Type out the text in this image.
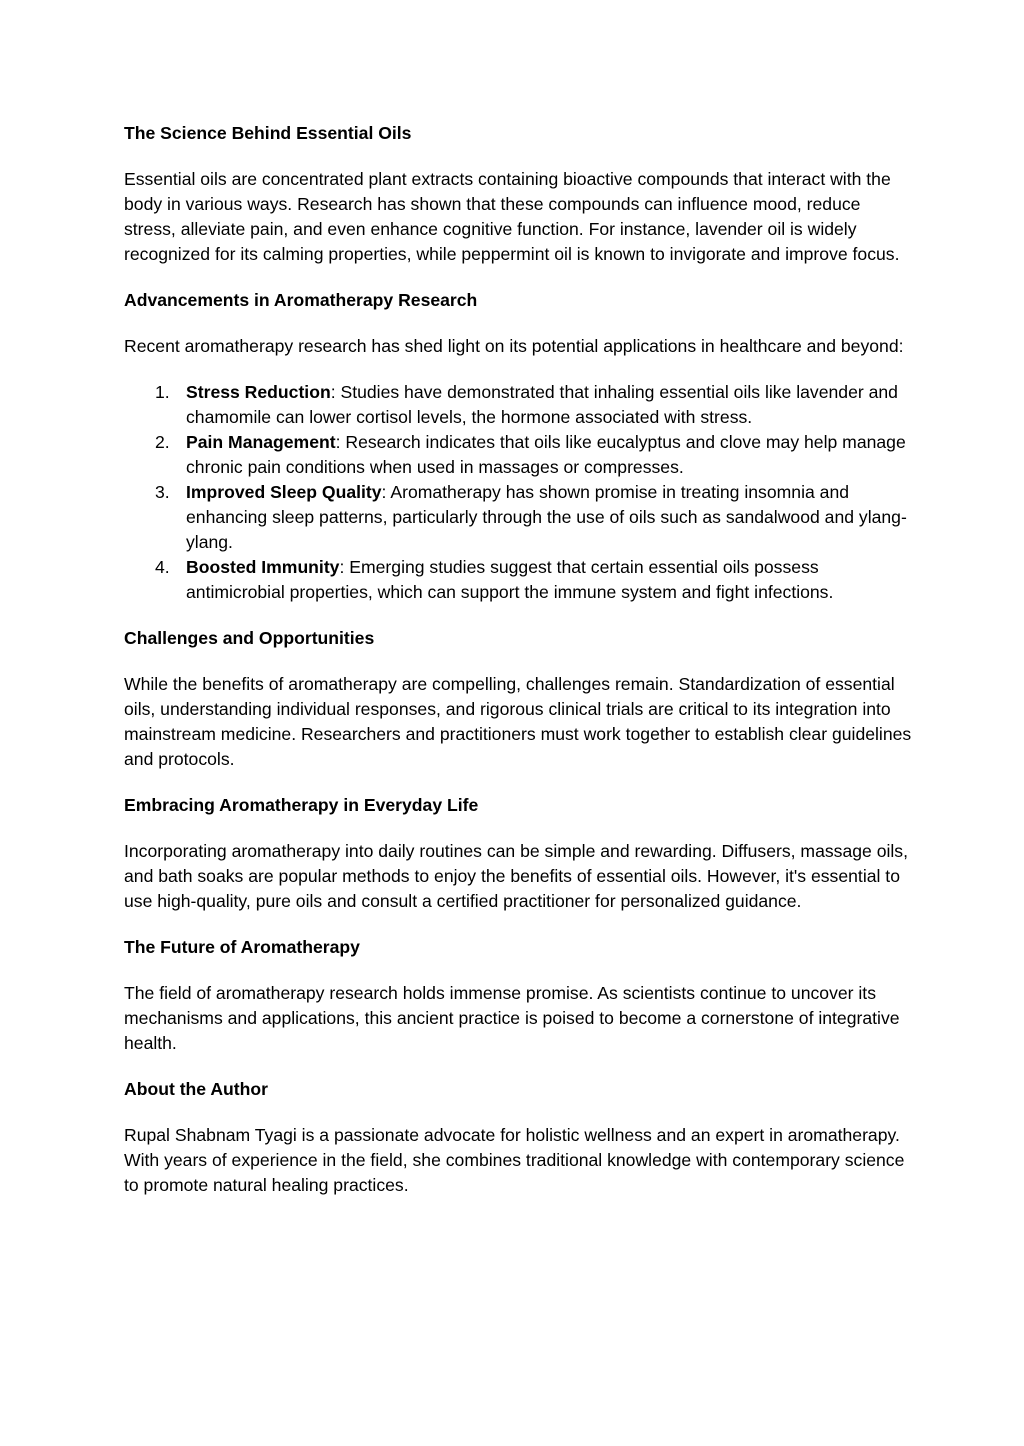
The Science Behind Essential Oils
Essential oils are concentrated plant extracts containing bioactive compounds that interact with the body in various ways. Research has shown that these compounds can influence mood, reduce stress, alleviate pain, and even enhance cognitive function. For instance, lavender oil is widely recognized for its calming properties, while peppermint oil is known to invigorate and improve focus.
Advancements in Aromatherapy Research
Recent aromatherapy research has shed light on its potential applications in healthcare and beyond:
1. Stress Reduction: Studies have demonstrated that inhaling essential oils like lavender and chamomile can lower cortisol levels, the hormone associated with stress.
2. Pain Management: Research indicates that oils like eucalyptus and clove may help manage chronic pain conditions when used in massages or compresses.
3. Improved Sleep Quality: Aromatherapy has shown promise in treating insomnia and enhancing sleep patterns, particularly through the use of oils such as sandalwood and ylang-ylang.
4. Boosted Immunity: Emerging studies suggest that certain essential oils possess antimicrobial properties, which can support the immune system and fight infections.
Challenges and Opportunities
While the benefits of aromatherapy are compelling, challenges remain. Standardization of essential oils, understanding individual responses, and rigorous clinical trials are critical to its integration into mainstream medicine. Researchers and practitioners must work together to establish clear guidelines and protocols.
Embracing Aromatherapy in Everyday Life
Incorporating aromatherapy into daily routines can be simple and rewarding. Diffusers, massage oils, and bath soaks are popular methods to enjoy the benefits of essential oils. However, it's essential to use high-quality, pure oils and consult a certified practitioner for personalized guidance.
The Future of Aromatherapy
The field of aromatherapy research holds immense promise. As scientists continue to uncover its mechanisms and applications, this ancient practice is poised to become a cornerstone of integrative health.
About the Author
Rupal Shabnam Tyagi is a passionate advocate for holistic wellness and an expert in aromatherapy. With years of experience in the field, she combines traditional knowledge with contemporary science to promote natural healing practices.
